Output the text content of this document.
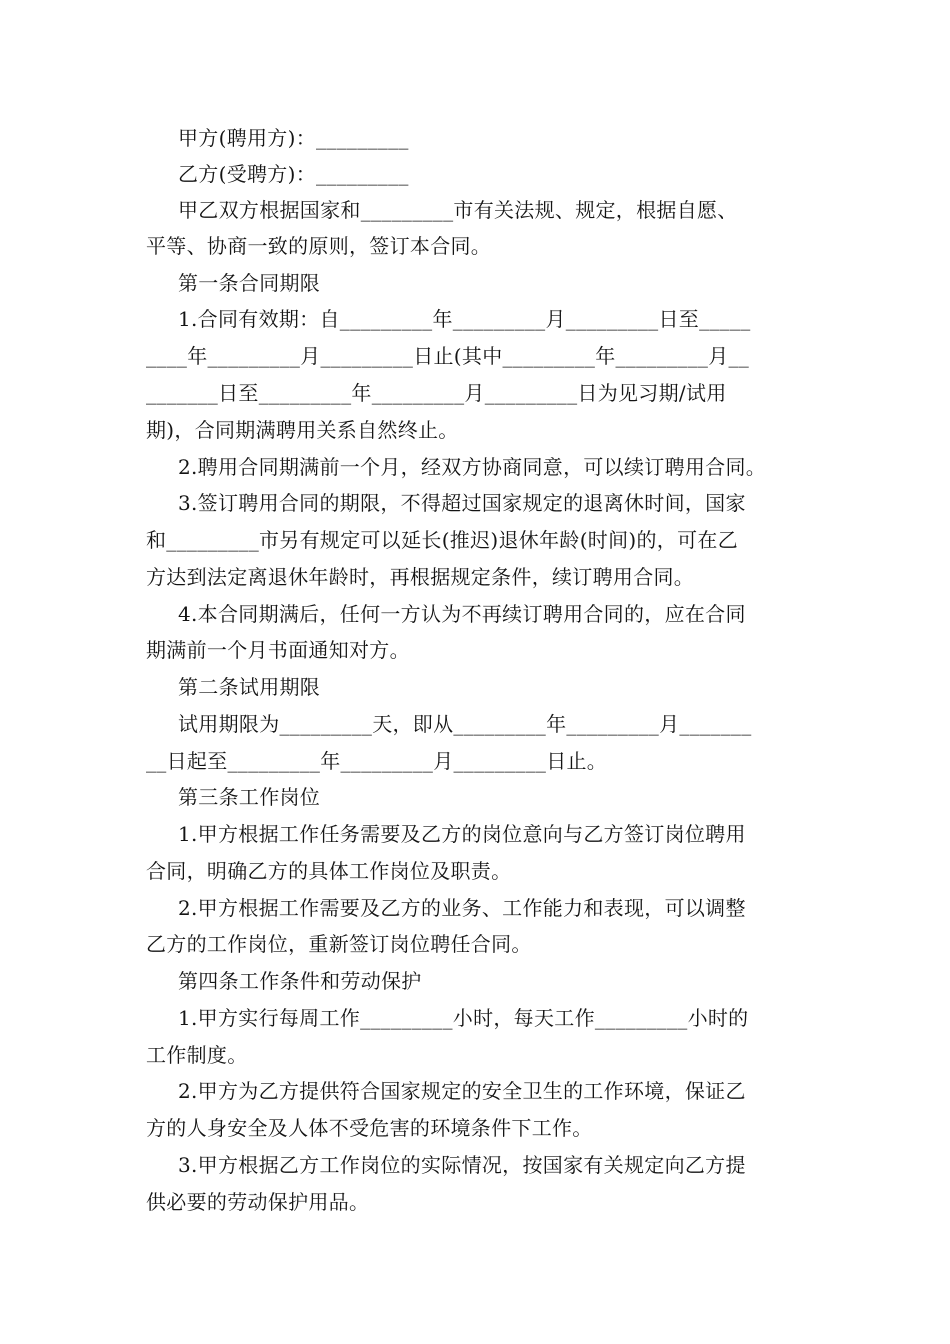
甲方(聘用方)：_________
乙方(受聘方)：_________
甲乙双方根据国家和_________市有关法规、规定，根据自愿、
平等、协商一致的原则，签订本合同。
第一条合同期限
1.合同有效期：自_________年_________月_________日至_____
____年_________月_________日止(其中_________年_________月__
_______日至_________年_________月_________日为见习期/试用
期)，合同期满聘用关系自然终止。
2.聘用合同期满前一个月，经双方协商同意，可以续订聘用合同。
3.签订聘用合同的期限，不得超过国家规定的退离休时间，国家
和_________市另有规定可以延长(推迟)退休年龄(时间)的，可在乙
方达到法定离退休年龄时，再根据规定条件，续订聘用合同。
4.本合同期满后，任何一方认为不再续订聘用合同的，应在合同
期满前一个月书面通知对方。
第二条试用期限
试用期限为_________天，即从_________年_________月_______
__日起至_________年_________月_________日止。
第三条工作岗位
1.甲方根据工作任务需要及乙方的岗位意向与乙方签订岗位聘用
合同，明确乙方的具体工作岗位及职责。
2.甲方根据工作需要及乙方的业务、工作能力和表现，可以调整
乙方的工作岗位，重新签订岗位聘任合同。
第四条工作条件和劳动保护
1.甲方实行每周工作_________小时，每天工作_________小时的
工作制度。
2.甲方为乙方提供符合国家规定的安全卫生的工作环境，保证乙
方的人身安全及人体不受危害的环境条件下工作。
3.甲方根据乙方工作岗位的实际情况，按国家有关规定向乙方提
供必要的劳动保护用品。
